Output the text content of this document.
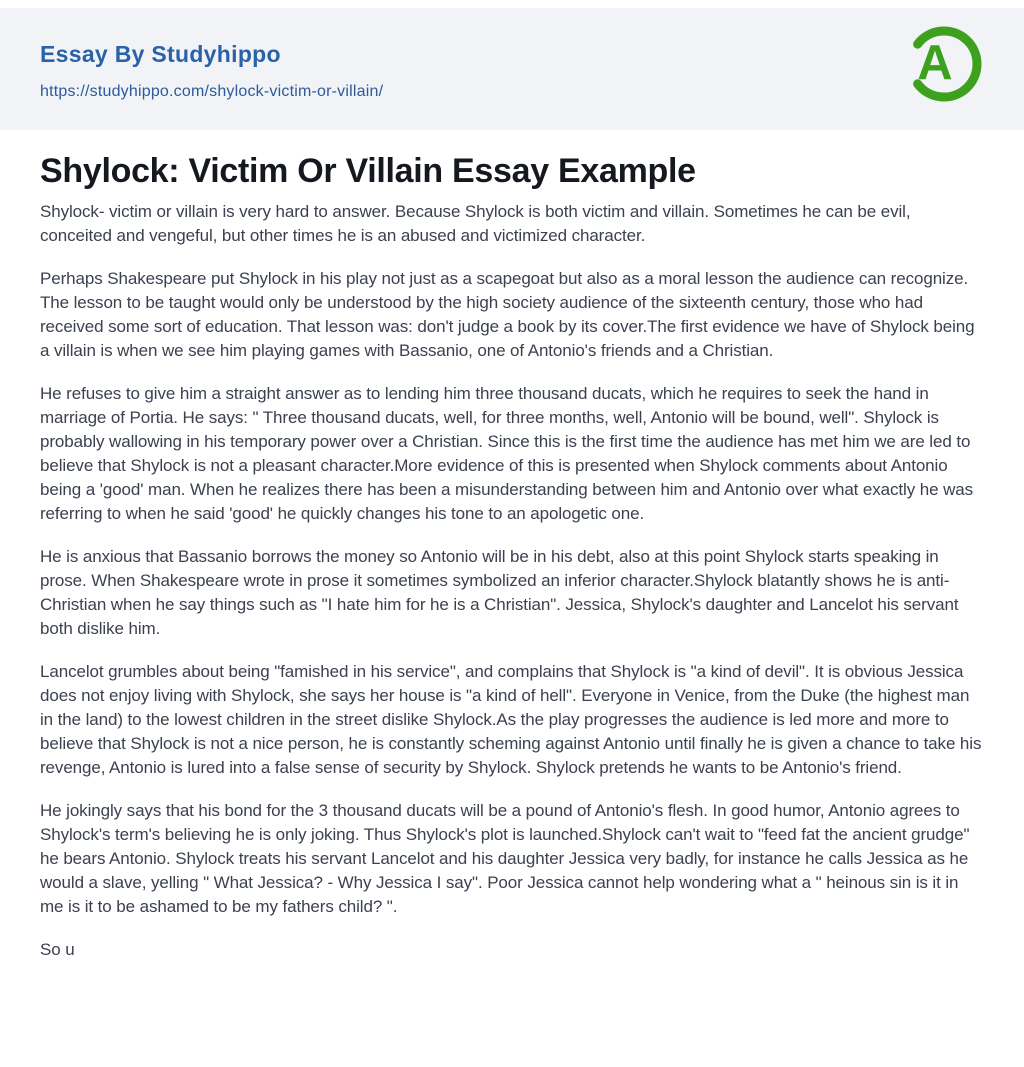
Essay By Studyhippo
https://studyhippo.com/shylock-victim-or-villain/
A
Shylock: Victim Or Villain Essay Example

Shylock- victim or villain is very hard to answer. Because Shylock is both victim and villain. Sometimes he can be evil, conceited and vengeful, but other times he is an abused and victimized character.

Perhaps Shakespeare put Shylock in his play not just as a scapegoat but also as a moral lesson the audience can recognize. The lesson to be taught would only be understood by the high society audience of the sixteenth century, those who had received some sort of education. That lesson was: don't judge a book by its cover.The first evidence we have of Shylock being a villain is when we see him playing games with Bassanio, one of Antonio's friends and a Christian.

He refuses to give him a straight answer as to lending him three thousand ducats, which he requires to seek the hand in marriage of Portia. He says: " Three thousand ducats, well, for three months, well, Antonio will be bound, well". Shylock is probably wallowing in his temporary power over a Christian. Since this is the first time the audience has met him we are led to believe that Shylock is not a pleasant character.More evidence of this is presented when Shylock comments about Antonio being a 'good' man. When he realizes there has been a misunderstanding between him and Antonio over what exactly he was referring to when he said 'good' he quickly changes his tone to an apologetic one.

He is anxious that Bassanio borrows the money so Antonio will be in his debt, also at this point Shylock starts speaking in prose. When Shakespeare wrote in prose it sometimes symbolized an inferior character.Shylock blatantly shows he is anti-Christian when he say things such as "I hate him for he is a Christian". Jessica, Shylock's daughter and Lancelot his servant both dislike him.

Lancelot grumbles about being "famished in his service", and complains that Shylock is "a kind of devil". It is obvious Jessica does not enjoy living with Shylock, she says her house is "a kind of hell". Everyone in Venice, from the Duke (the highest man in the land) to the lowest children in the street dislike Shylock.As the play progresses the audience is led more and more to believe that Shylock is not a nice person, he is constantly scheming against Antonio until finally he is given a chance to take his revenge, Antonio is lured into a false sense of security by Shylock. Shylock pretends he wants to be Antonio's friend.

He jokingly says that his bond for the 3 thousand ducats will be a pound of Antonio's flesh. In good humor, Antonio agrees to Shylock's term's believing he is only joking. Thus Shylock's plot is launched.Shylock can't wait to "feed fat the ancient grudge" he bears Antonio. Shylock treats his servant Lancelot and his daughter Jessica very badly, for instance he calls Jessica as he would a slave, yelling " What Jessica? - Why Jessica I say". Poor Jessica cannot help wondering what a " heinous sin is it in me is it to be ashamed to be my fathers child? ".

So u
